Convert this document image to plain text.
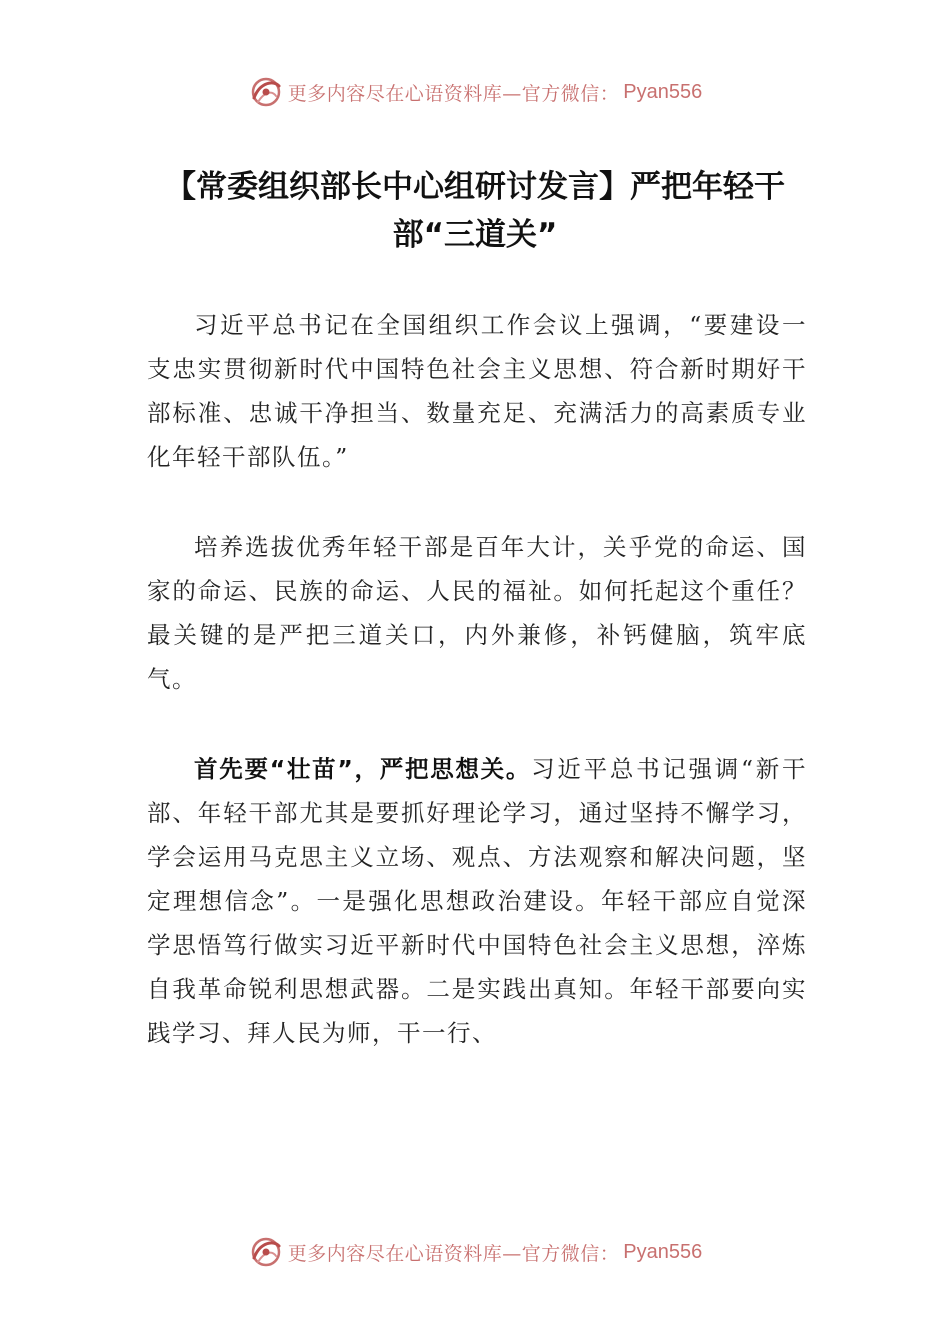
更多内容尽在心语资料库—官方微信： Pyan556
【常委组织部长中心组研讨发言】严把年轻干部“三道关”

习近平总书记在全国组织工作会议上强调，“要建设一支忠实贯彻新时代中国特色社会主义思想、符合新时期好干部标准、忠诚干净担当、数量充足、充满活力的高素质专业化年轻干部队伍。”

培养选拔优秀年轻干部是百年大计，关乎党的命运、国家的命运、民族的命运、人民的福祉。如何托起这个重任？最关键的是严把三道关口，内外兼修，补钙健脑，筑牢底气。

首先要“壮苗”，严把思想关。习近平总书记强调“新干部、年轻干部尤其是要抓好理论学习，通过坚持不懈学习，学会运用马克思主义立场、观点、方法观察和解决问题，坚定理想信念”。一是强化思想政治建设。年轻干部应自觉深学思悟笃行做实习近平新时代中国特色社会主义思想，淬炼自我革命锐利思想武器。二是实践出真知。年轻干部要向实践学习、拜人民为师，干一行、

更多内容尽在心语资料库—官方微信： Pyan556
